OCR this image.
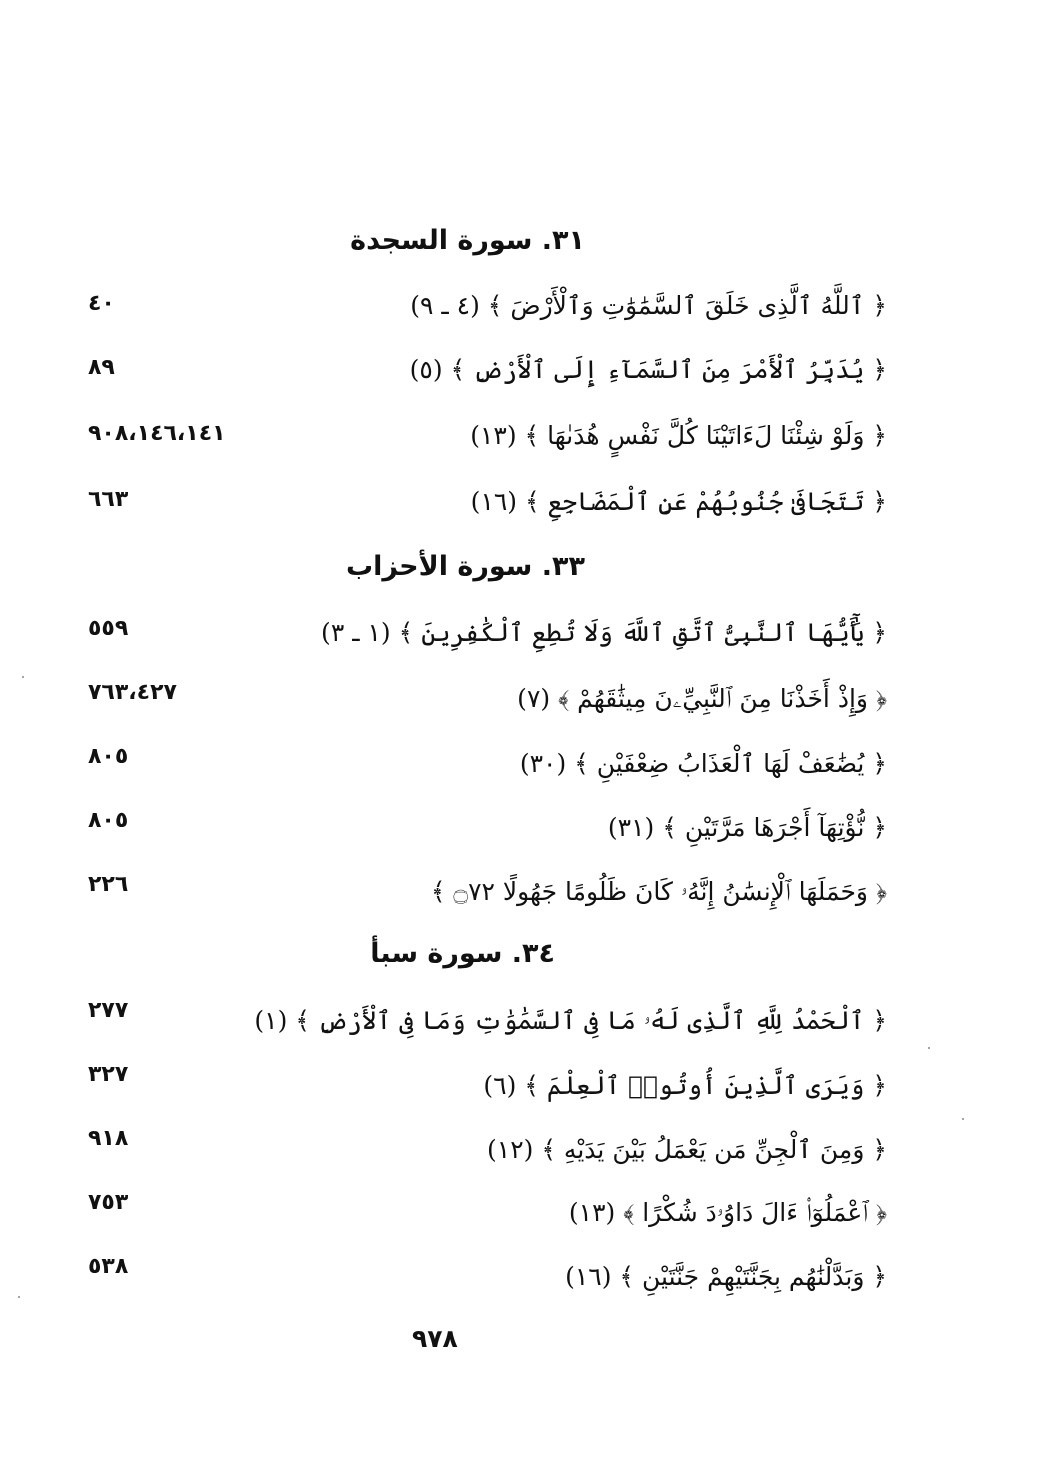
٣١. سورة السجدة
﴿ ٱللَّهُ ٱلَّذِى خَلَقَ ٱلسَّمَٰوَٰتِ وَٱلْأَرْضَ ﴾ (٤ ـ ٩)
٤٠
﴿ يُدَبِّرُ ٱلْأَمْرَ مِنَ ٱلسَّمَآءِ إِلَى ٱلْأَرْضِ ﴾ (٥)
٨٩
﴿ وَلَوْ شِئْنَا لَءَاتَيْنَا كُلَّ نَفْسٍ هُدَىٰهَا ﴾ (١٣)
٩٠٨،١٤٦،١٤١
﴿ تَتَجَافَىٰ جُنُوبُهُمْ عَنِ ٱلْمَضَاجِعِ ﴾ (١٦)
٦٦٣
٣٣. سورة الأحزاب
﴿ يَٰٓأَيُّهَا ٱلنَّبِىُّ ٱتَّقِ ٱللَّهَ وَلَا تُطِعِ ٱلْكَٰفِرِينَ ﴾ (١ ـ ٣)
٥٥٩
﴿ وَإِذْ أَخَذْنَا مِنَ ٱلنَّبِيِّۦنَ مِيثَٰقَهُمْ ﴾ (٧)
٧٦٣،٤٢٧
﴿ يُضَٰعَفْ لَهَا ٱلْعَذَابُ ضِعْفَيْنِ ﴾ (٣٠)
٨٠٥
﴿ نُّؤْتِهَآ أَجْرَهَا مَرَّتَيْنِ ﴾ (٣١)
٨٠٥
﴿ وَحَمَلَهَا ٱلْإِنسَٰنُ إِنَّهُۥ كَانَ ظَلُومًا جَهُولًا ۝٧٢ ﴾
٢٢٦
٣٤. سورة سبأ
﴿ ٱلْحَمْدُ لِلَّهِ ٱلَّذِى لَهُۥ مَا فِى ٱلسَّمَٰوَٰتِ وَمَا فِى ٱلْأَرْضِ ﴾ (١)
٢٧٧
﴿ وَيَرَى ٱلَّذِينَ أُوتُوا۟ ٱلْعِلْمَ ﴾ (٦)
٣٢٧
﴿ وَمِنَ ٱلْجِنِّ مَن يَعْمَلُ بَيْنَ يَدَيْهِ ﴾ (١٢)
٩١٨
﴿ ٱعْمَلُوٓا۟ ءَالَ دَاوُۥدَ شُكْرًا ﴾ (١٣)
٧٥٣
﴿ وَبَدَّلْنَٰهُم بِجَنَّتَيْهِمْ جَنَّتَيْنِ ﴾ (١٦)
٥٣٨
٩٧٨
